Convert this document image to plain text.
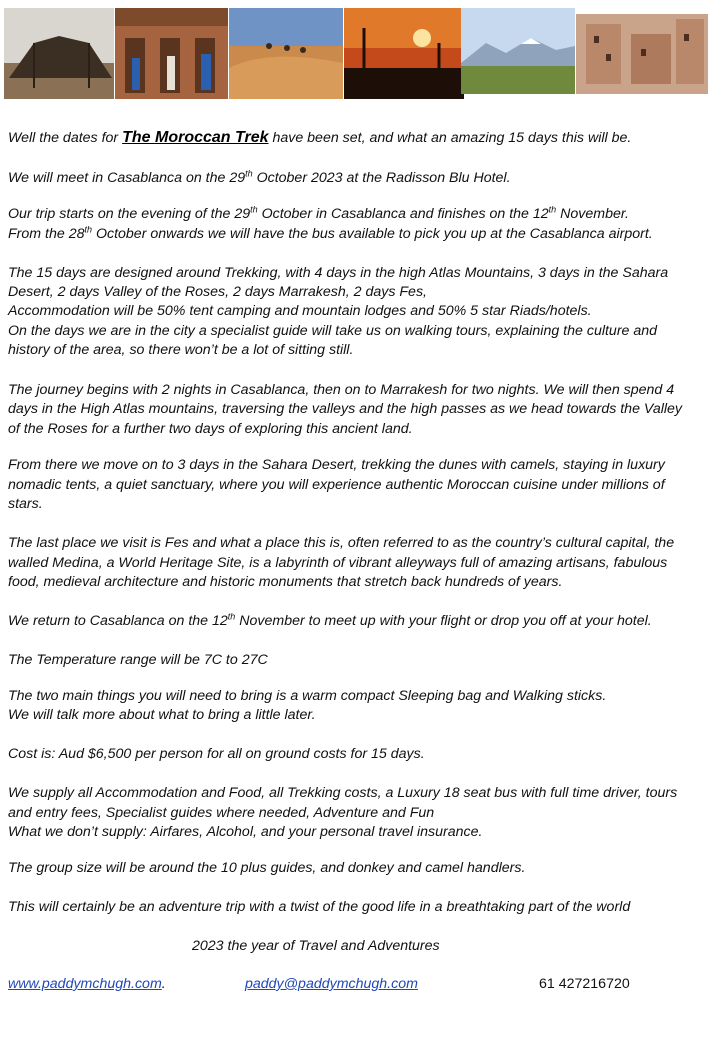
Well the dates for The Moroccan Trek have been set, and what an amazing 15 days this will be.
We will meet in Casablanca on the 29th October 2023 at the Radisson Blu Hotel.
Our trip starts on the evening of the 29th October in Casablanca and finishes on the 12th November.
From the 28th October onwards we will have the bus available to pick you up at the Casablanca airport.
The 15 days are designed around Trekking, with 4 days in the high Atlas Mountains, 3 days in the Sahara
Desert, 2 days Valley of the Roses, 2 days Marrakesh, 2 days Fes,
Accommodation will be 50% tent camping and mountain lodges and 50% 5 star Riads/hotels.
On the days we are in the city a specialist guide will take us on walking tours, explaining the culture and
history of the area, so there won’t be a lot of sitting still.
The journey begins with 2 nights in Casablanca, then on to Marrakesh for two nights. We will then spend 4
days in the High Atlas mountains, traversing the valleys and the high passes as we head towards the Valley
of the Roses for a further two days of exploring this ancient land.
From there we move on to 3 days in the Sahara Desert, trekking the dunes with camels, staying in luxury
nomadic tents, a quiet sanctuary, where you will experience authentic Moroccan cuisine under millions of
stars.
The last place we visit is Fes and what a place this is, often referred to as the country’s cultural capital, the
walled Medina, a World Heritage Site, is a labyrinth of vibrant alleyways full of amazing artisans, fabulous
food, medieval architecture and historic monuments that stretch back hundreds of years.
We return to Casablanca on the 12th November to meet up with your flight or drop you off at your hotel.
The Temperature range will be 7C to 27C
The two main things you will need to bring is a warm compact Sleeping bag and Walking sticks.
We will talk more about what to bring a little later.
Cost is: Aud $6,500 per person for all on ground costs for 15 days.
We supply all Accommodation and Food, all Trekking costs, a Luxury 18 seat bus with full time driver, tours
and entry fees, Specialist guides where needed, Adventure and Fun
What we don’t supply: Airfares, Alcohol, and your personal travel insurance.
The group size will be around the 10 plus guides, and donkey and camel handlers.
This will certainly be an adventure trip with a twist of the good life in a breathtaking part of the world
2023 the year of Travel and Adventures
www.paddymchugh.com.	paddy@paddymchugh.com	61 427216720
